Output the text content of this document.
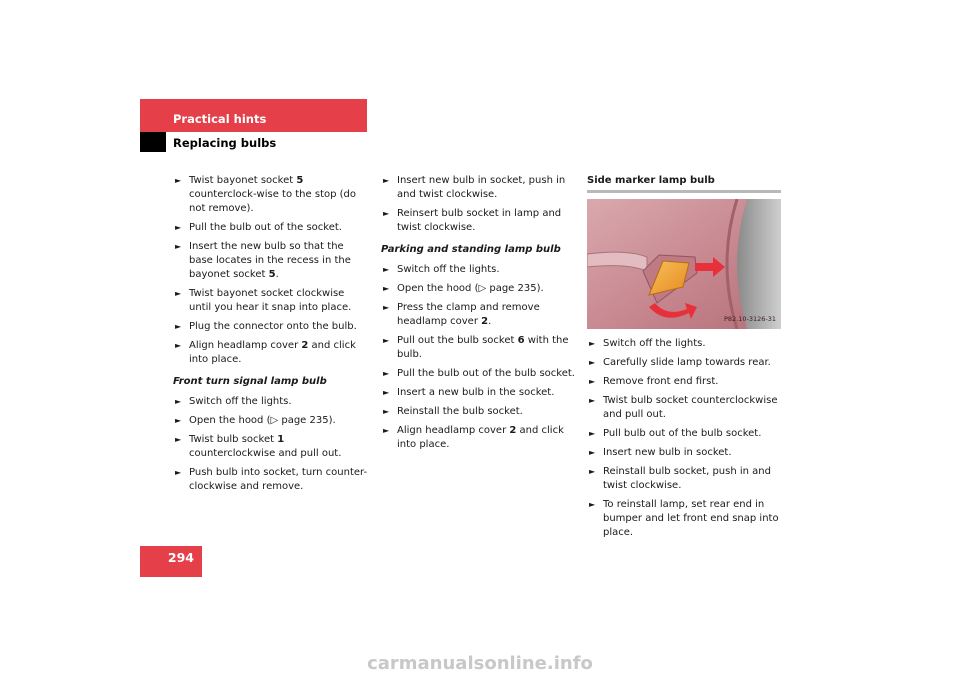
Practical hints
Replacing bulbs
► Twist bayonet socket 5 counterclock-wise to the stop (do not remove).
► Pull the bulb out of the socket.
► Insert the new bulb so that the base locates in the recess in the bayonet socket 5.
► Twist bayonet socket clockwise until you hear it snap into place.
► Plug the connector onto the bulb.
► Align headlamp cover 2 and click into place.
Front turn signal lamp bulb
► Switch off the lights.
► Open the hood (▷ page 235).
► Twist bulb socket 1 counterclockwise and pull out.
► Push bulb into socket, turn counter-clockwise and remove.
► Insert new bulb in socket, push in and twist clockwise.
► Reinsert bulb socket in lamp and twist clockwise.
Parking and standing lamp bulb
► Switch off the lights.
► Open the hood (▷ page 235).
► Press the clamp and remove headlamp cover 2.
► Pull out the bulb socket 6 with the bulb.
► Pull the bulb out of the bulb socket.
► Insert a new bulb in the socket.
► Reinstall the bulb socket.
► Align headlamp cover 2 and click into place.
Side marker lamp bulb
P82.10-3126-31
► Switch off the lights.
► Carefully slide lamp towards rear.
► Remove front end first.
► Twist bulb socket counterclockwise and pull out.
► Pull bulb out of the bulb socket.
► Insert new bulb in socket.
► Reinstall bulb socket, push in and twist clockwise.
► To reinstall lamp, set rear end in bumper and let front end snap into place.
294
carmanualsonline.info
